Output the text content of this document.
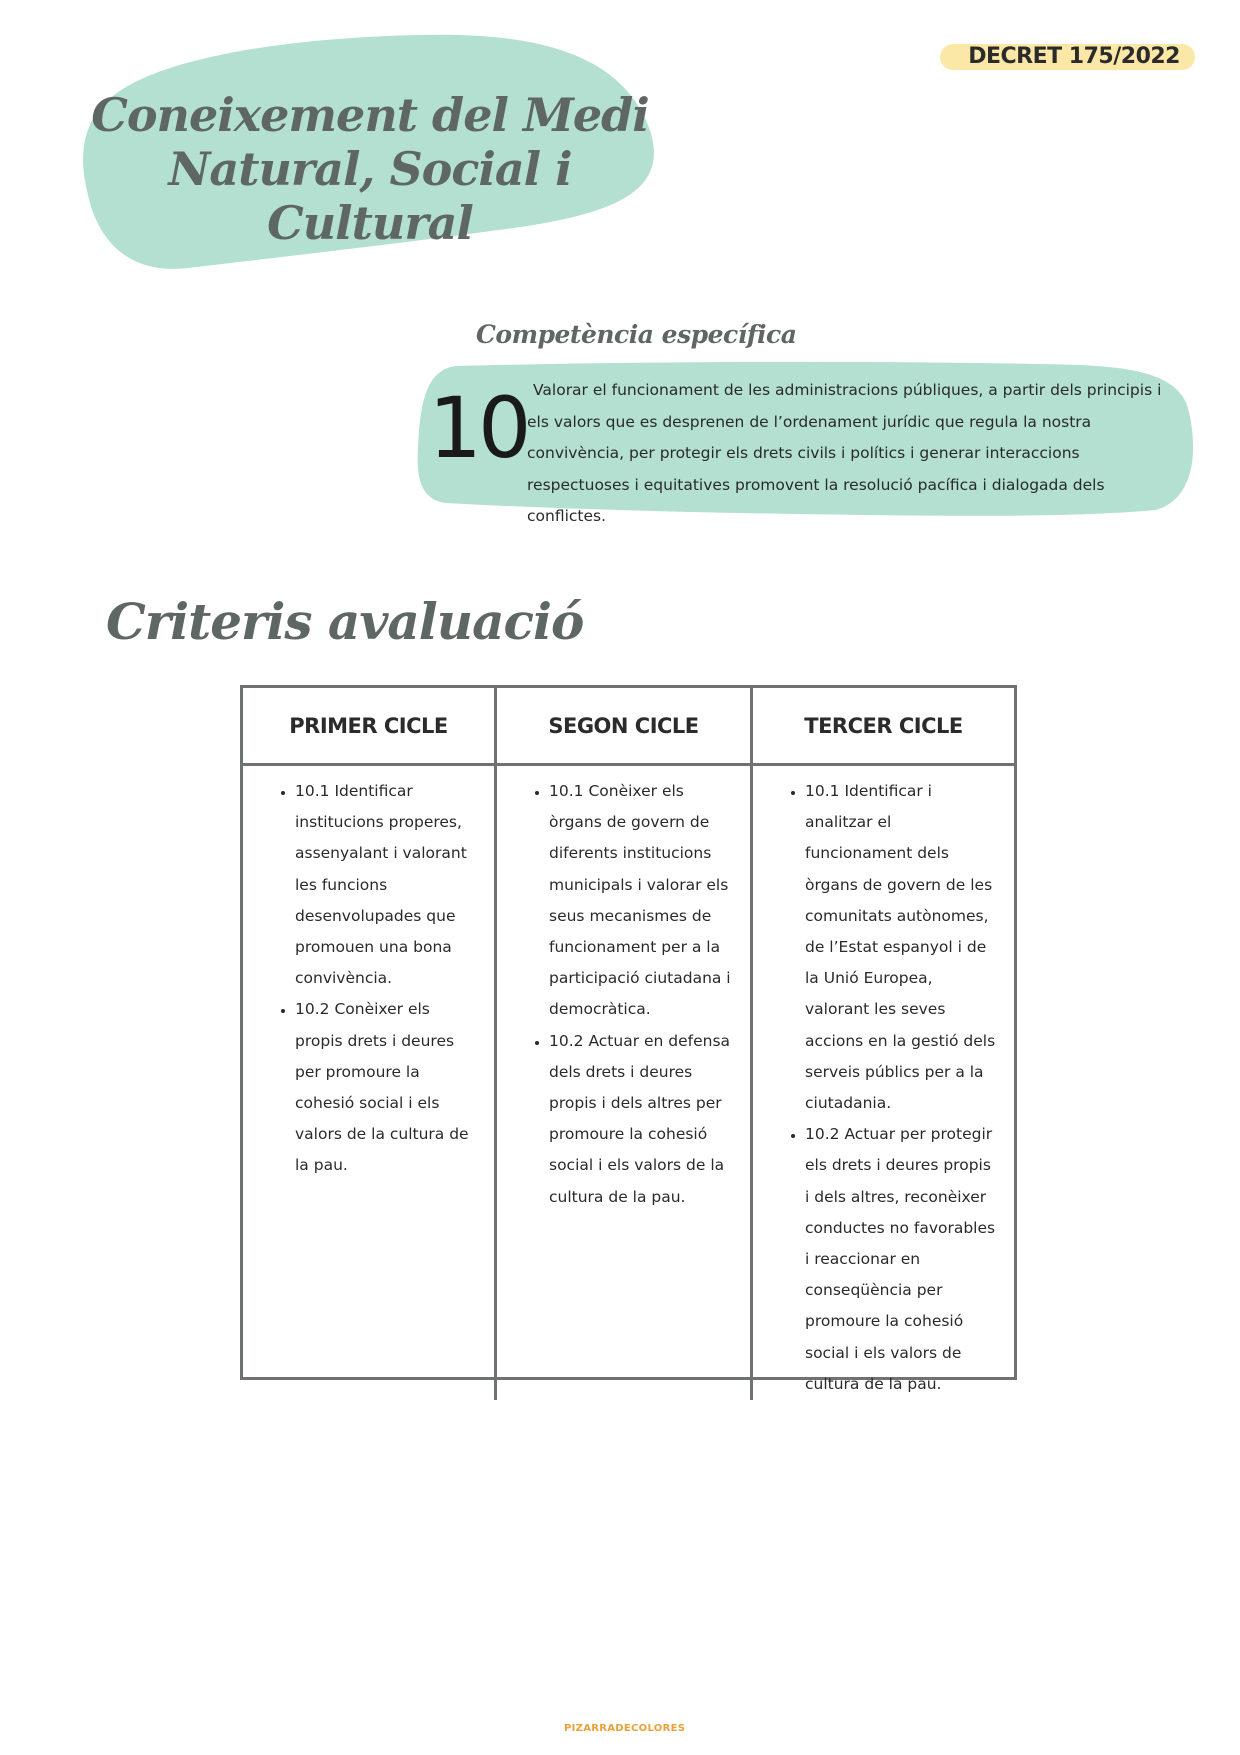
DECRET 175/2022
Coneixement del Medi
Natural, Social i Cultural
Competència específica
10 Valorar el funcionament de les administracions públiques, a partir dels principis i els valors que es desprenen de l’ordenament jurídic que regula la nostra convivència, per protegir els drets civils i polítics i generar interaccions respectuoses i equitatives promovent la resolució pacífica i dialogada dels conflictes.
Criteris avaluació
PRIMER CICLE	SEGON CICLE	TERCER CICLE
• 10.1 Identificar institucions properes, assenyalant i valorant les funcions desenvolupades que promouen una bona convivència.
• 10.2 Conèixer els propis drets i deures per promoure la cohesió social i els valors de la cultura de la pau.
• 10.1 Conèixer els òrgans de govern de diferents institucions municipals i valorar els seus mecanismes de funcionament per a la participació ciutadana i democràtica.
• 10.2 Actuar en defensa dels drets i deures propis i dels altres per promoure la cohesió social i els valors de la cultura de la pau.
• 10.1 Identificar i analitzar el funcionament dels òrgans de govern de les comunitats autònomes, de l’Estat espanyol i de la Unió Europea, valorant les seves accions en la gestió dels serveis públics per a la ciutadania.
• 10.2 Actuar per protegir els drets i deures propis i dels altres, reconèixer conductes no favorables i reaccionar en conseqüència per promoure la cohesió social i els valors de cultura de la pau.
PIZARRADECOLORES
